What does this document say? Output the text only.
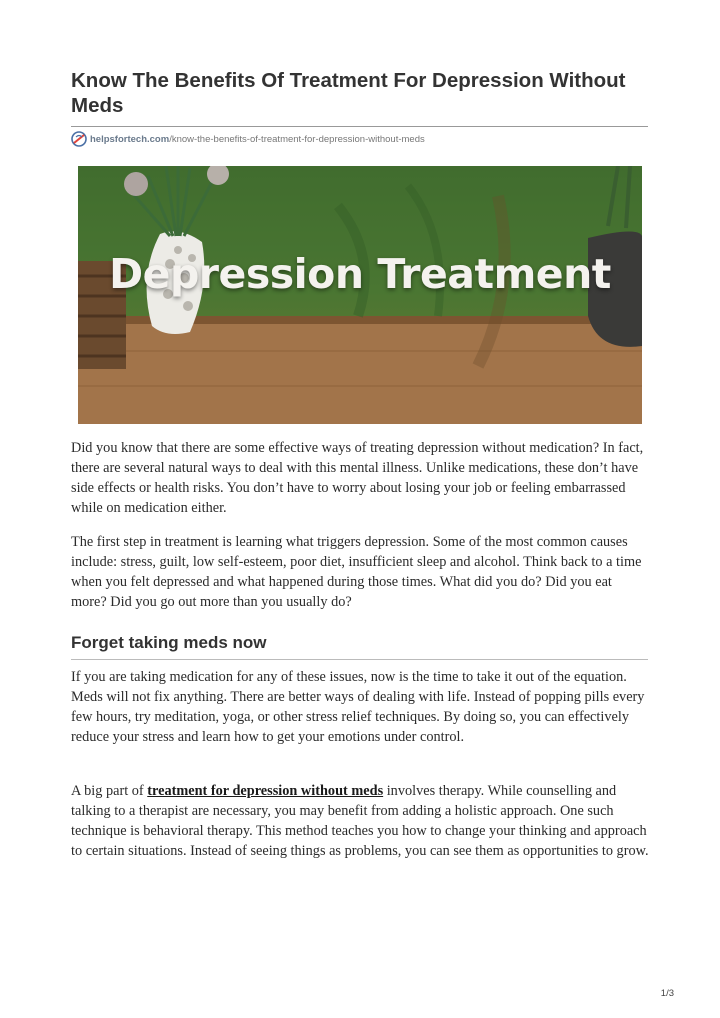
Know The Benefits Of Treatment For Depression Without Meds
helpsfortech.com /know-the-benefits-of-treatment-for-depression-without-meds
Depression Treatment

Did you know that there are some effective ways of treating depression without medication? In fact, there are several natural ways to deal with this mental illness. Unlike medications, these don’t have side effects or health risks. You don’t have to worry about losing your job or feeling embarrassed while on medication either.

The first step in treatment is learning what triggers depression. Some of the most common causes include: stress, guilt, low self-esteem, poor diet, insufficient sleep and alcohol. Think back to a time when you felt depressed and what happened during those times. What did you do? Did you eat more? Did you go out more than you usually do?

Forget taking meds now

If you are taking medication for any of these issues, now is the time to take it out of the equation. Meds will not fix anything. There are better ways of dealing with life. Instead of popping pills every few hours, try meditation, yoga, or other stress relief techniques. By doing so, you can effectively reduce your stress and learn how to get your emotions under control.

A big part of treatment for depression without meds involves therapy. While counselling and talking to a therapist are necessary, you may benefit from adding a holistic approach. One such technique is behavioral therapy. This method teaches you how to change your thinking and approach to certain situations. Instead of seeing things as problems, you can see them as opportunities to grow.

1/3
